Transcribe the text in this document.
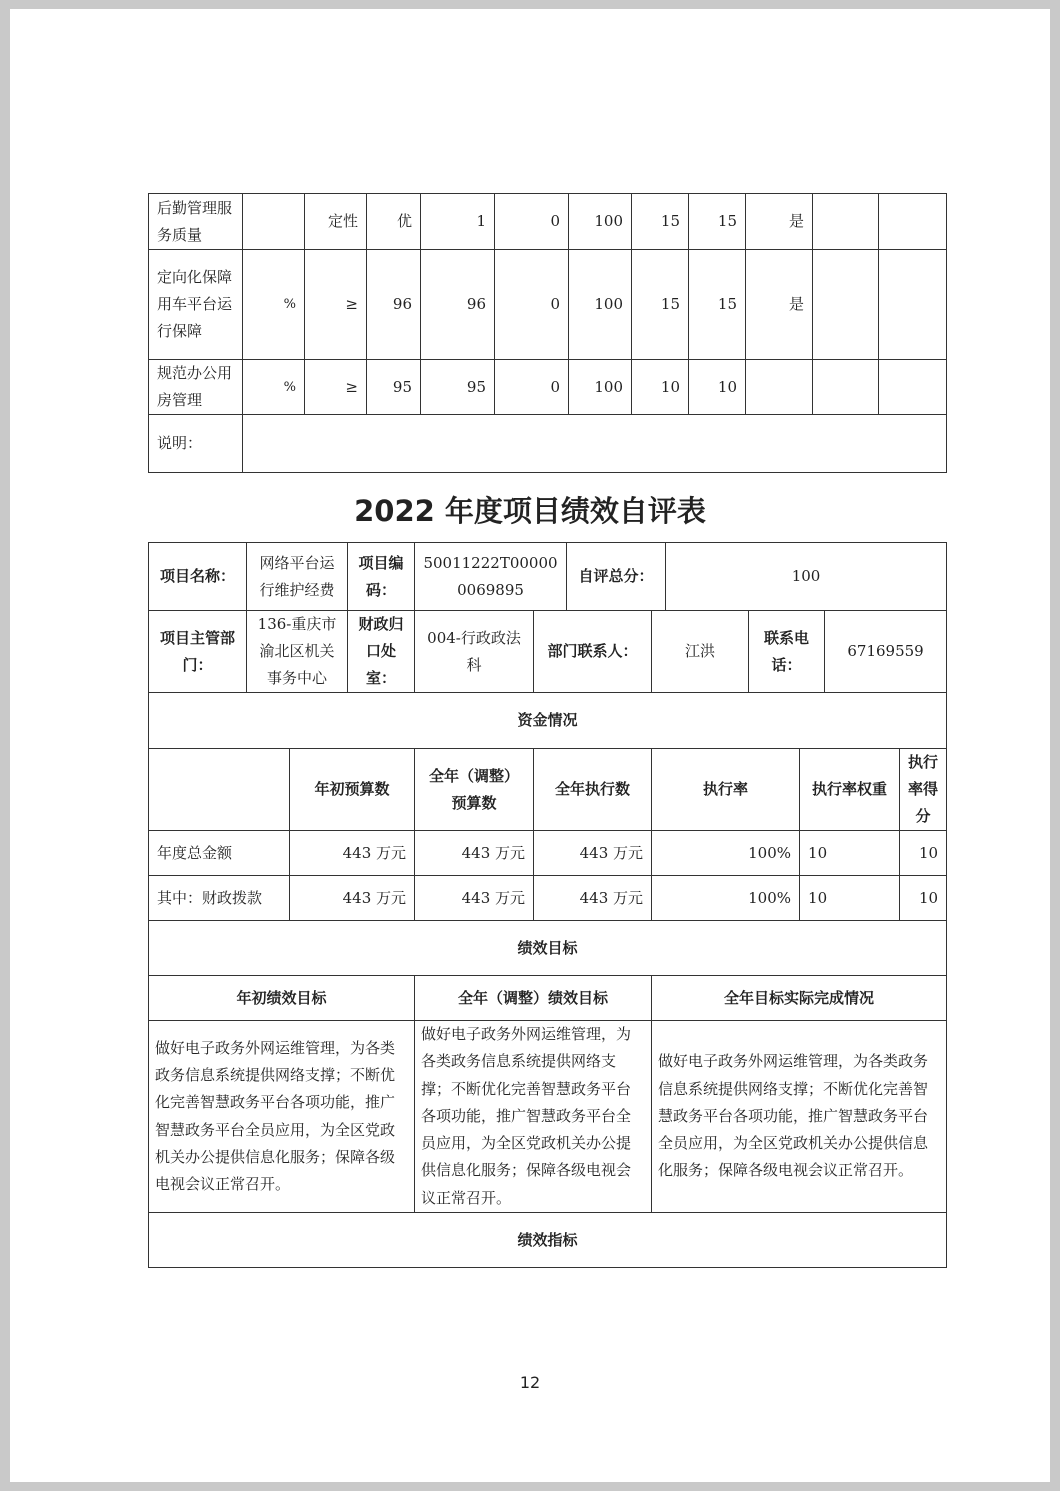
后勤管理服务质量		定性	优	1	0	100	15	15	是		
定向化保障用车平台运行保障	%	≥	96	96	0	100	15	15	是		
规范办公用房管理	%	≥	95	95	0	100	10	10			
说明：											
2022 年度项目绩效自评表
项目名称：	网络平台运行维护经费		项目编码：	50011222T000000069895		自评总分：		100				
项目主管部门：	136-重庆市渝北区机关事务中心		财政归口处室：	004-行政政法科	部门联系人：		江洪		联系电话：		67169559	
资金情况												
		年初预算数		全年（调整）预算数	全年执行数		执行率			执行率权重		执行率得分
年度总金额		443 万元		443 万元	443 万元		100%			10		10
其中：财政拨款		443 万元		443 万元	443 万元		100%			10		10
绩效目标												
年初绩效目标				全年（调整）绩效目标			全年目标实际完成情况					
做好电子政务外网运维管理，为各类政务信息系统提供网络支撑；不断优化完善智慧政务平台各项功能，推广智慧政务平台全员应用，为全区党政机关办公提供信息化服务；保障各级电视会议正常召开。				做好电子政务外网运维管理，为各类政务信息系统提供网络支撑；不断优化完善智慧政务平台各项功能，推广智慧政务平台全员应用，为全区党政机关办公提供信息化服务；保障各级电视会议正常召开。			做好电子政务外网运维管理，为各类政务信息系统提供网络支撑；不断优化完善智慧政务平台各项功能，推广智慧政务平台全员应用，为全区党政机关办公提供信息化服务；保障各级电视会议正常召开。					
绩效指标												
12
